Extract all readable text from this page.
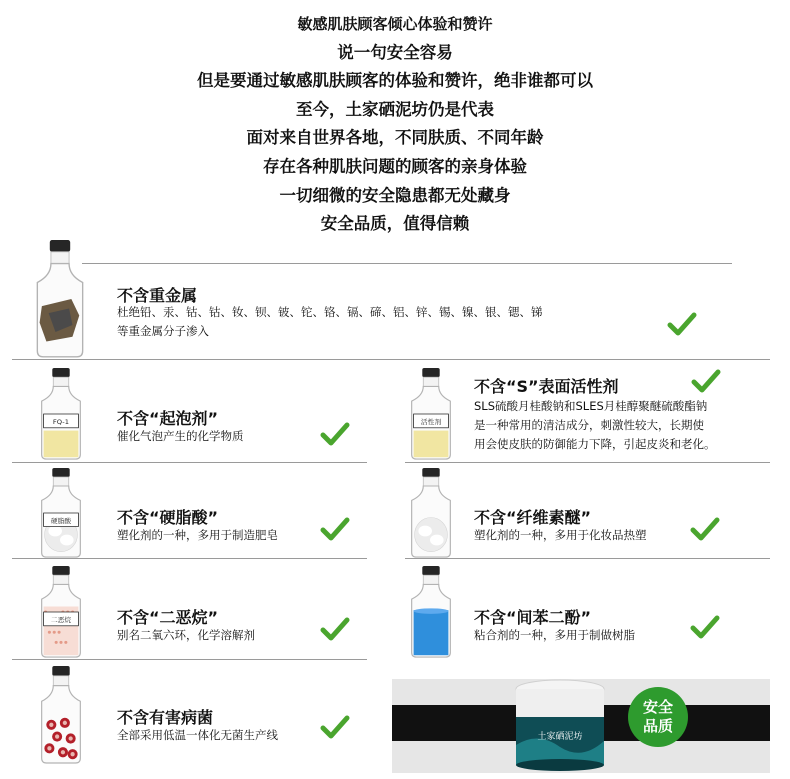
敏感肌肤顾客倾心体验和赞许
说一句安全容易
但是要通过敏感肌肤顾客的体验和赞许，绝非谁都可以
至今，土家硒泥坊仍是代表
面对来自世界各地，不同肤质、不同年龄
存在各种肌肤问题的顾客的亲身体验
一切细微的安全隐患都无处藏身
安全品质，值得信赖
不含重金属
杜绝铅、汞、钴、钴、钕、钡、铍、铊、铬、镉、碲、铝、锌、锡、镍、银、锶、锑
等重金属分子渗入
FQ-1	不含“起泡剂”
催化气泡产生的化学物质
活性剂
不含“S”表面活性剂
SLS硫酸月桂酸钠和SLES月桂醇聚醚硫酸酯钠
是一种常用的清洁成分，刺激性较大，长期使
用会使皮肤的防御能力下降，引起皮炎和老化。
硬脂酸	不含“硬脂酸”
塑化剂的一种，多用于制造肥皂
不含“纤维素醚”
塑化剂的一种，多用于化妆品热塑
二恶烷	不含“二恶烷”
别名二氧六环，化学溶解剂
不含“间苯二酚”
粘合剂的一种，多用于制做树脂
不含有害病菌
全部采用低温一体化无菌生产线	土家硒泥坊
安全
品质
